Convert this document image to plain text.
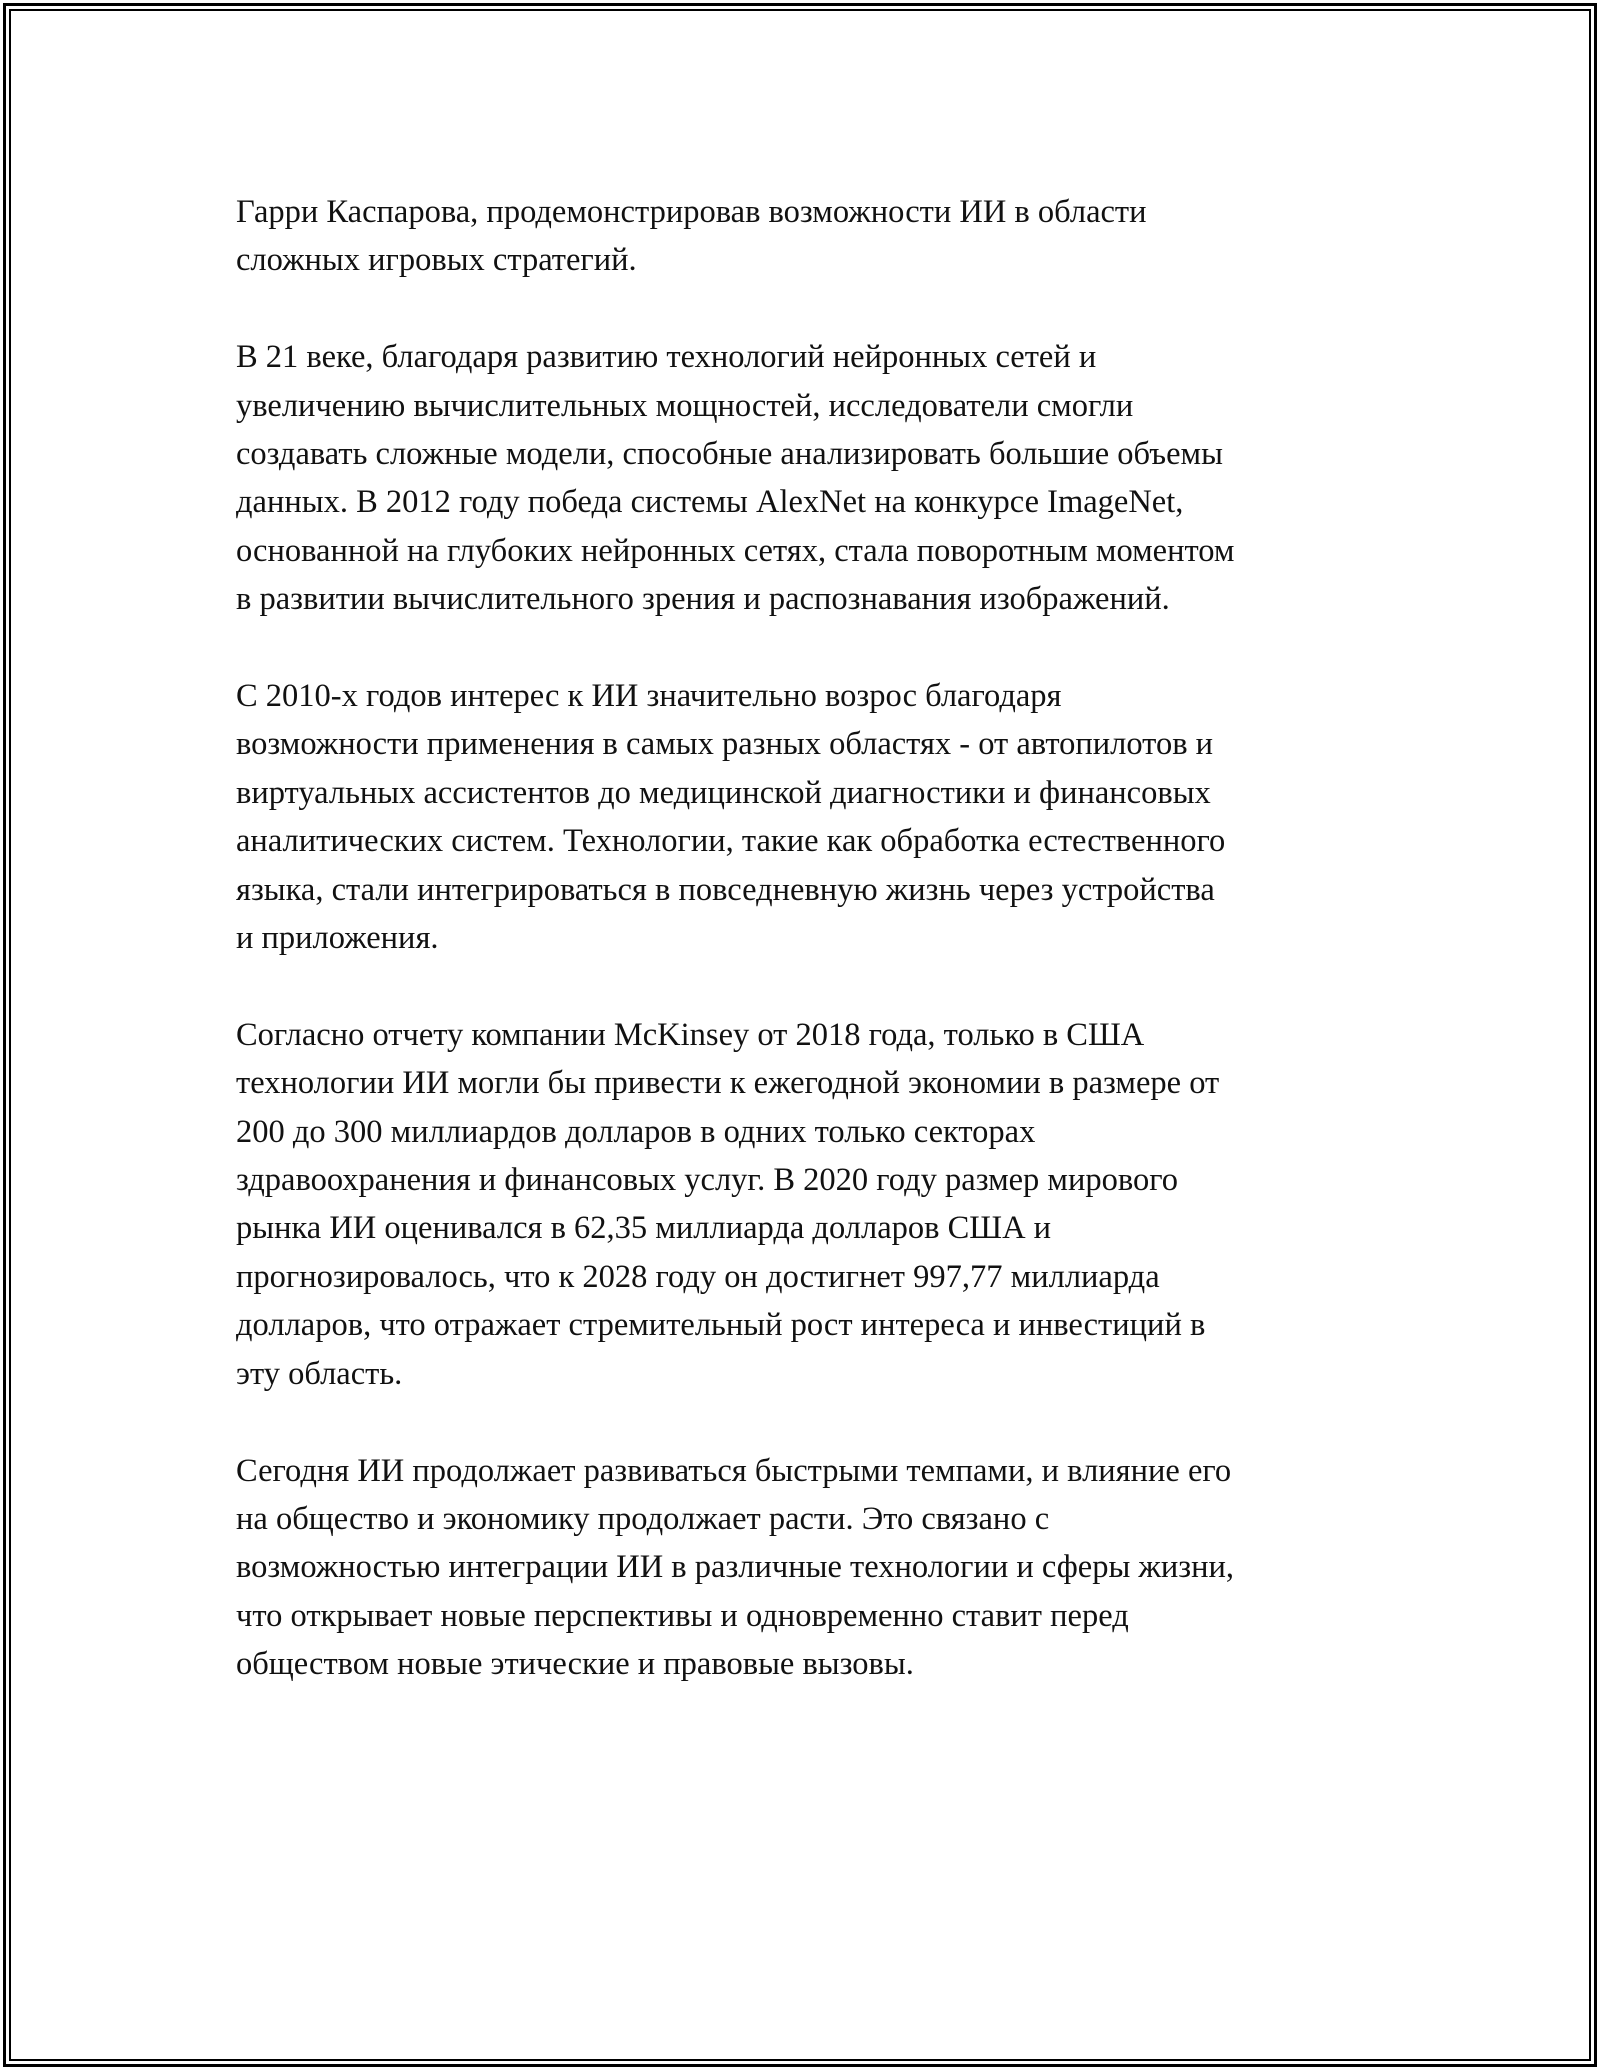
Гарри Каспарова, продемонстрировав возможности ИИ в области
сложных игровых стратегий.

В 21 веке, благодаря развитию технологий нейронных сетей и
увеличению вычислительных мощностей, исследователи смогли
создавать сложные модели, способные анализировать большие объемы
данных. В 2012 году победа системы AlexNet на конкурсе ImageNet,
основанной на глубоких нейронных сетях, стала поворотным моментом
в развитии вычислительного зрения и распознавания изображений.

С 2010-х годов интерес к ИИ значительно возрос благодаря
возможности применения в самых разных областях - от автопилотов и
виртуальных ассистентов до медицинской диагностики и финансовых
аналитических систем. Технологии, такие как обработка естественного
языка, стали интегрироваться в повседневную жизнь через устройства
и приложения.

Согласно отчету компании McKinsey от 2018 года, только в США
технологии ИИ могли бы привести к ежегодной экономии в размере от
200 до 300 миллиардов долларов в одних только секторах
здравоохранения и финансовых услуг. В 2020 году размер мирового
рынка ИИ оценивался в 62,35 миллиарда долларов США и
прогнозировалось, что к 2028 году он достигнет 997,77 миллиарда
долларов, что отражает стремительный рост интереса и инвестиций в
эту область.

Сегодня ИИ продолжает развиваться быстрыми темпами, и влияние его
на общество и экономику продолжает расти. Это связано с
возможностью интеграции ИИ в различные технологии и сферы жизни,
что открывает новые перспективы и одновременно ставит перед
обществом новые этические и правовые вызовы.
